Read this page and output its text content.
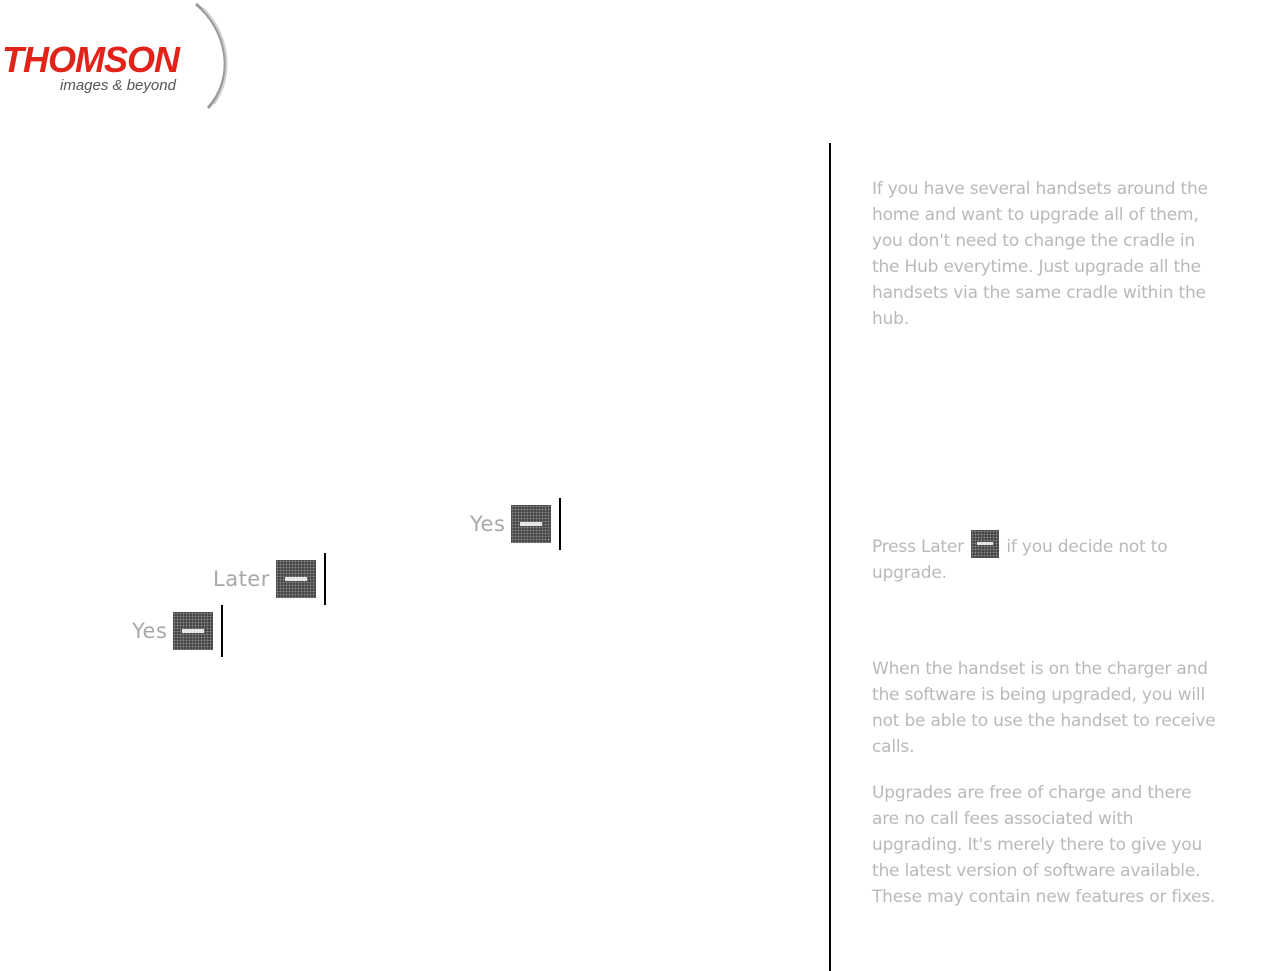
THOMSON
images & beyond
Yes
Later
Yes

If you have several handsets around the home and want to upgrade all of them, you don't need to change the cradle in the Hub everytime. Just upgrade all the handsets via the same cradle within the hub.

Press Later if you decide not to upgrade.

When the handset is on the charger and the software is being upgraded, you will not be able to use the handset to receive calls.

Upgrades are free of charge and there are no call fees associated with upgrading. It's merely there to give you the latest version of software available. These may contain new features or fixes.
